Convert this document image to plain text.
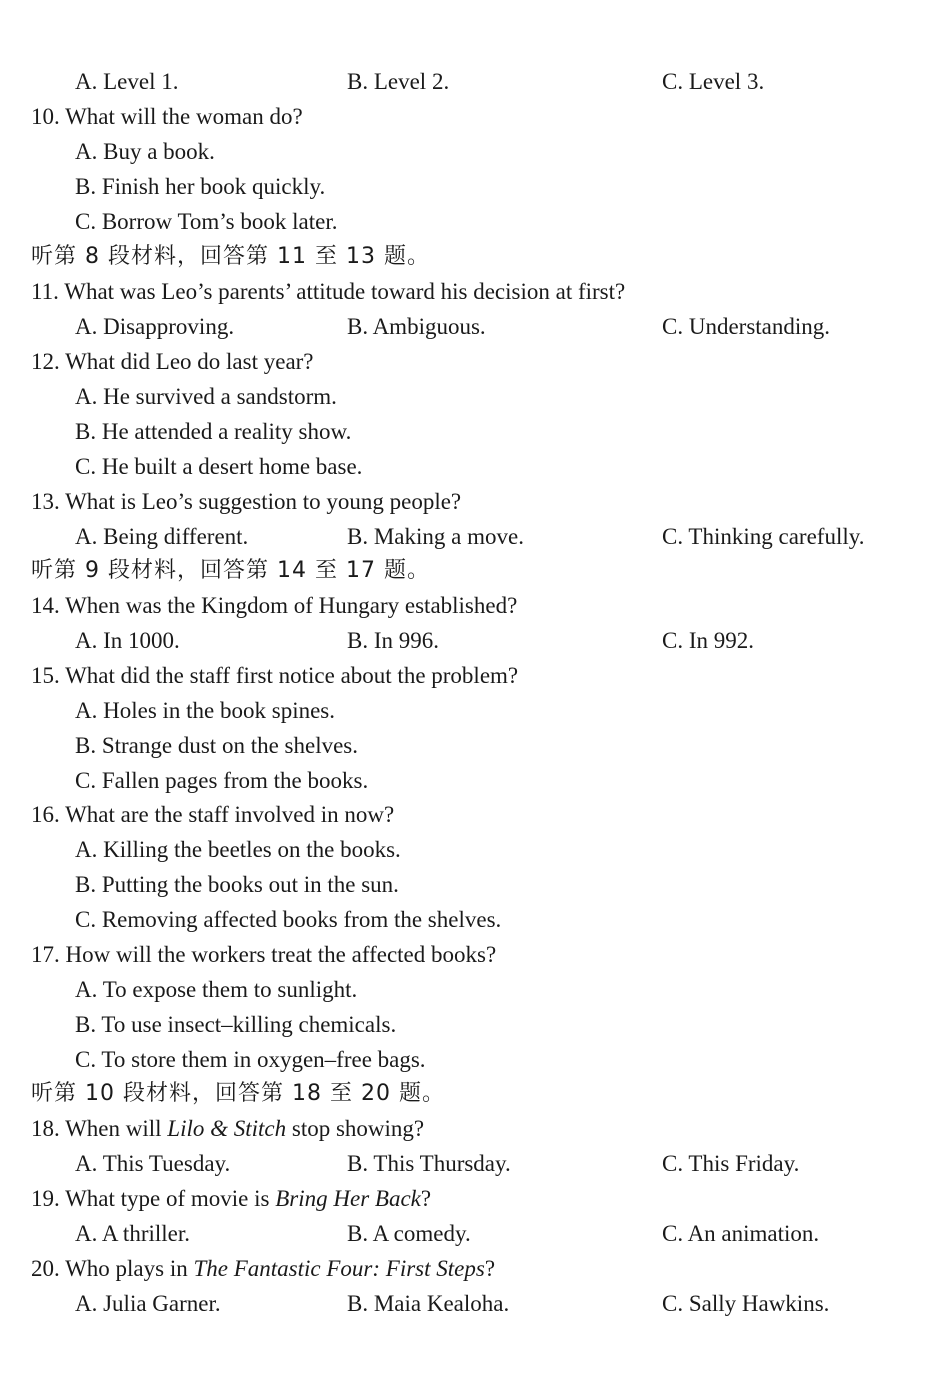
A. Level 1.	B. Level 2.	C. Level 3.
10. What will the woman do?
A. Buy a book.
B. Finish her book quickly.
C. Borrow Tom’s book later.
听第 8 段材料，回答第 11 至 13 题。
11. What was Leo’s parents’ attitude toward his decision at first?
A. Disapproving.	B. Ambiguous.	C. Understanding.
12. What did Leo do last year?
A. He survived a sandstorm.
B. He attended a reality show.
C. He built a desert home base.
13. What is Leo’s suggestion to young people?
A. Being different.	B. Making a move.	C. Thinking carefully.
听第 9 段材料，回答第 14 至 17 题。
14. When was the Kingdom of Hungary established?
A. In 1000.	B. In 996.	C. In 992.
15. What did the staff first notice about the problem?
A. Holes in the book spines.
B. Strange dust on the shelves.
C. Fallen pages from the books.
16. What are the staff involved in now?
A. Killing the beetles on the books.
B. Putting the books out in the sun.
C. Removing affected books from the shelves.
17. How will the workers treat the affected books?
A. To expose them to sunlight.
B. To use insect–killing chemicals.
C. To store them in oxygen–free bags.
听第 10 段材料，回答第 18 至 20 题。
18. When will Lilo & Stitch stop showing?
A. This Tuesday.	B. This Thursday.	C. This Friday.
19. What type of movie is Bring Her Back?
A. A thriller.	B. A comedy.	C. An animation.
20. Who plays in The Fantastic Four: First Steps?
A. Julia Garner.	B. Maia Kealoha.	C. Sally Hawkins.
